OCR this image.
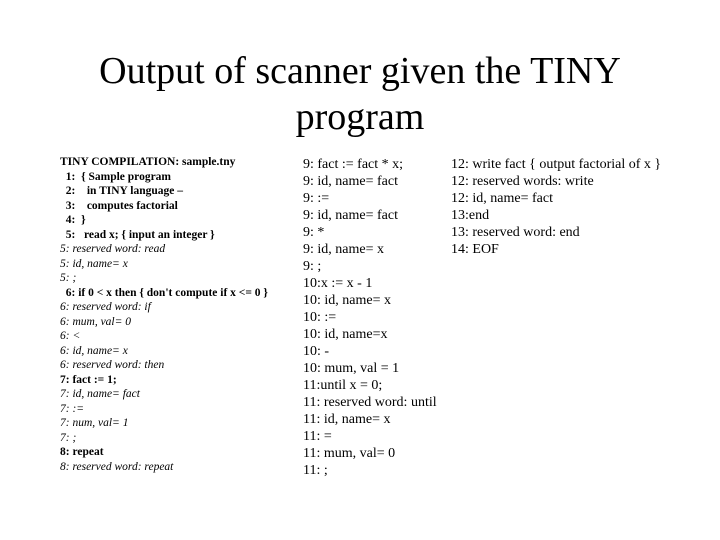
Output of scanner given the TINY program
TINY COMPILATION: sample.tny
1:  { Sample program
2:    in TINY language –
3:    computes factorial
4:  }
5:   read x; { input an integer }
5: reserved word: read
5: id, name= x
5: ;
6: if 0 < x then { don't compute if x <= 0 }
6: reserved word: if
6: mum, val= 0
6: <
6: id, name= x
6: reserved word: then
7: fact := 1;
7: id, name= fact
7: :=
7: num, val= 1
7: ;
8: repeat
8: reserved word: repeat
9: fact := fact * x;
9: id, name= fact
9: :=
9: id, name= fact
9: *
9: id, name= x
9: ;
10:x := x - 1
10: id, name= x
10: :=
10: id, name=x
10: -
10: mum, val = 1
11:until x = 0;
11: reserved word: until
11: id, name= x
11: =
11: mum, val= 0
11: ;
12: write fact { output factorial of x }
12: reserved words: write
12: id, name= fact
13:end
13: reserved word: end
14: EOF
